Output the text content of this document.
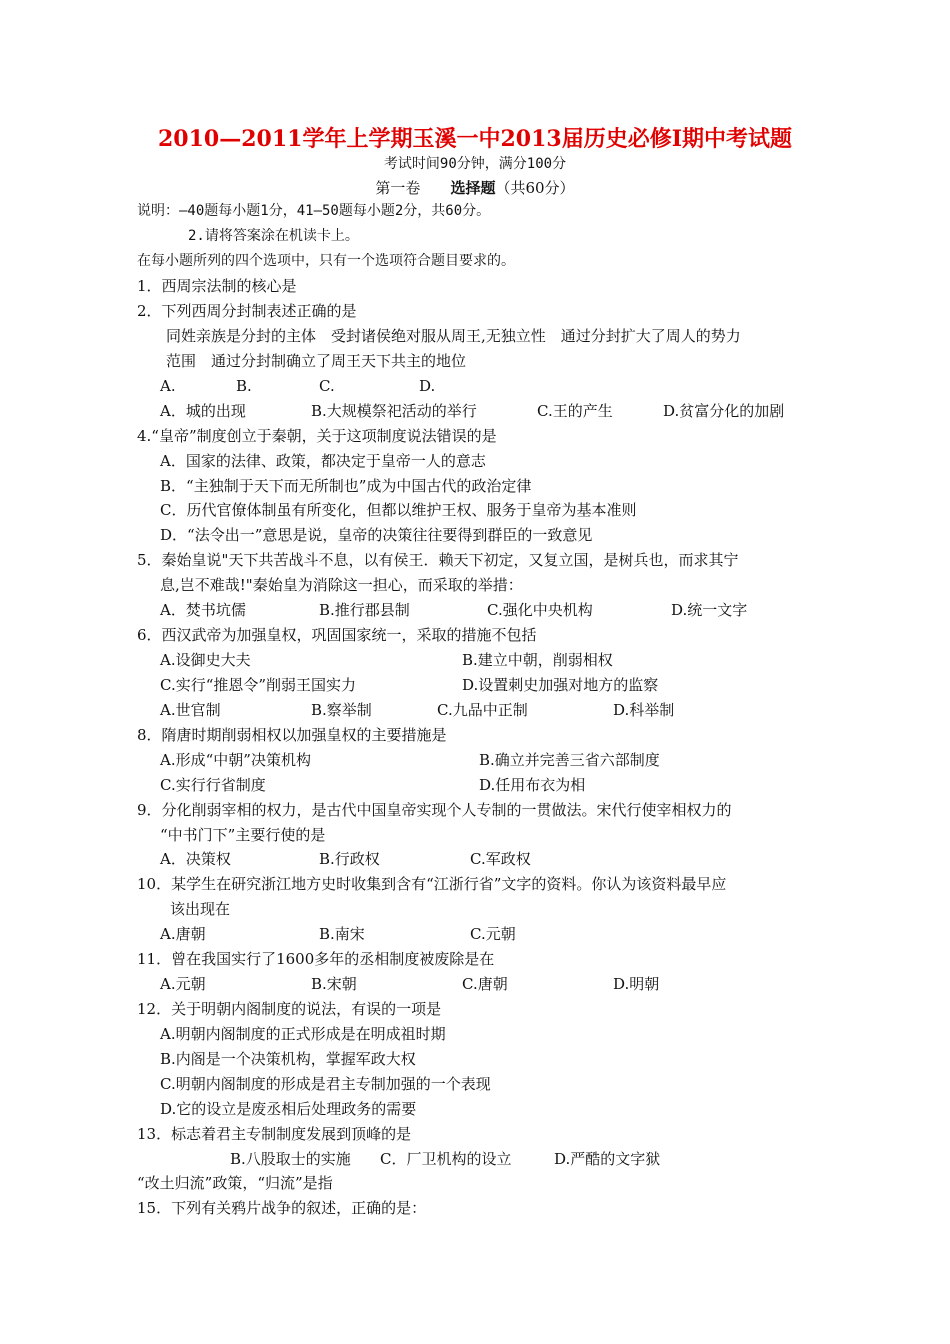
2010—2011学年上学期玉溪一中2013届历史必修Ⅰ期中考试题
考试时间90分钟，满分100分
第一卷　　 选择题（共60分）
说明：—40题每小题1分，41—50题每小题2分，共60分。
2.请将答案涂在机读卡上。
在每小题所列的四个选项中，只有一个选项符合题目要求的。
1．西周宗法制的核心是
2．下列西周分封制表述正确的是
同姓亲族是分封的主体　受封诸侯绝对服从周王,无独立性　通过分封扩大了周人的势力
范围　通过分封制确立了周王天下共主的地位
A.	B.	C.	D.
A．城的出现	B.大规模祭祀活动的举行	C.王的产生	D.贫富分化的加剧
4.“皇帝”制度创立于秦朝，关于这项制度说法错误的是
A．国家的法律、政策，都决定于皇帝一人的意志
B．“主独制于天下而无所制也”成为中国古代的政治定律
C．历代官僚体制虽有所变化，但都以维护王权、服务于皇帝为基本准则
D．“法令出一”意思是说，皇帝的决策往往要得到群臣的一致意见
5．秦始皇说"天下共苦战斗不息，以有侯王．赖天下初定，又复立国，是树兵也，而求其宁
息,岂不难哉!"秦始皇为消除这一担心，而采取的举措：
A．焚书坑儒	B.推行郡县制	C.强化中央机构	D.统一文字
6．西汉武帝为加强皇权，巩固国家统一，采取的措施不包括
A.设御史大夫	B.建立中朝，削弱相权
C.实行“推恩令”削弱王国实力	D.设置刺史加强对地方的监察
A.世官制	B.察举制	C.九品中正制	D.科举制
8．隋唐时期削弱相权以加强皇权的主要措施是
A.形成“中朝”决策机构	B.确立并完善三省六部制度
C.实行行省制度	D.任用布衣为相
9．分化削弱宰相的权力，是古代中国皇帝实现个人专制的一贯做法。宋代行使宰相权力的
“中书门下”主要行使的是
A．决策权	B.行政权	C.军政权
10．某学生在研究浙江地方史时收集到含有“江浙行省”文字的资料。你认为该资料最早应
该出现在
A.唐朝	B.南宋	C.元朝
11．曾在我国实行了1600多年的丞相制度被废除是在
A.元朝	B.宋朝	C.唐朝	D.明朝
12．关于明朝内阁制度的说法，有误的一项是
A.明朝内阁制度的正式形成是在明成祖时期
B.内阁是一个决策机构，掌握军政大权
C.明朝内阁制度的形成是君主专制加强的一个表现
D.它的设立是废丞相后处理政务的需要
13．标志着君主专制制度发展到顶峰的是
B.八股取士的实施 C．厂卫机构的设立	D.严酷的文字狱
“改土归流”政策，“归流”是指
15．下列有关鸦片战争的叙述，正确的是：
